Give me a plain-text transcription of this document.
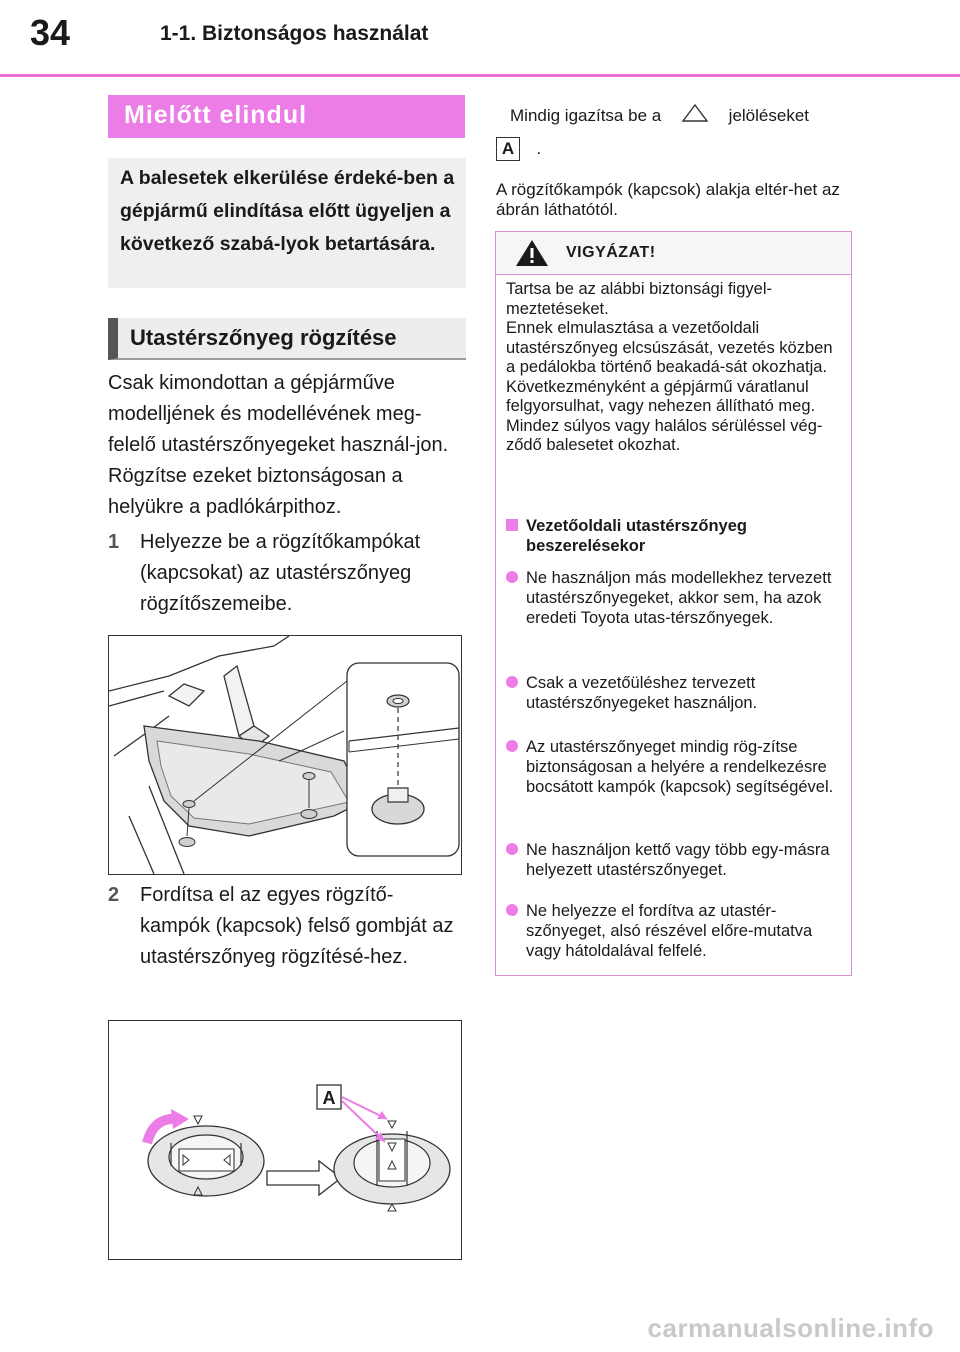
34	1-1. Biztonságos használat
Mielőtt elindul

A balesetek elkerülése érdeké-ben a gépjármű elindítása előtt ügyeljen a következő szabá-lyok betartására.

Utastérszőnyeg rögzítése

Csak kimondottan a gépjárműve modelljének és modellévének meg-felelő utastérszőnyegeket használ-jon. Rögzítse ezeket biztonságosan a helyükre a padlókárpithoz.

1 Helyezze be a rögzítőkampókat (kapcsokat) az utastérszőnyeg rögzítőszemeibe.

2 Fordítsa el az egyes rögzítő-kampók (kapcsok) felső gombját az utastérszőnyeg rögzítésé-hez.

A
Mindig igazítsa be a	jelöléseket
A .

A rögzítőkampók (kapcsok) alakja eltér-het az ábrán láthatótól.

VIGYÁZAT!
Tartsa be az alábbi biztonsági figyel-meztetéseket.
Ennek elmulasztása a vezetőoldali utastérszőnyeg elcsúszását, vezetés közben a pedálokba történő beakadá-sát okozhatja. Következményként a gépjármű váratlanul felgyorsulhat, vagy nehezen állítható meg. Mindez súlyos vagy halálos sérüléssel vég-ződő balesetet okozhat.

Vezetőoldali utastérszőnyeg beszerelésekor

Ne használjon más modellekhez tervezett utastérszőnyegeket, akkor sem, ha azok eredeti Toyota utas-térszőnyegek.

Csak a vezetőüléshez tervezett utastérszőnyegeket használjon.

Az utastérszőnyeget mindig rög-zítse biztonságosan a helyére a rendelkezésre bocsátott kampók (kapcsok) segítségével.

Ne használjon kettő vagy több egy-másra helyezett utastérszőnyeget.

Ne helyezze el fordítva az utastér-szőnyeget, alsó részével előre-mutatva vagy hátoldalával felfelé.

carmanualsonline.info
